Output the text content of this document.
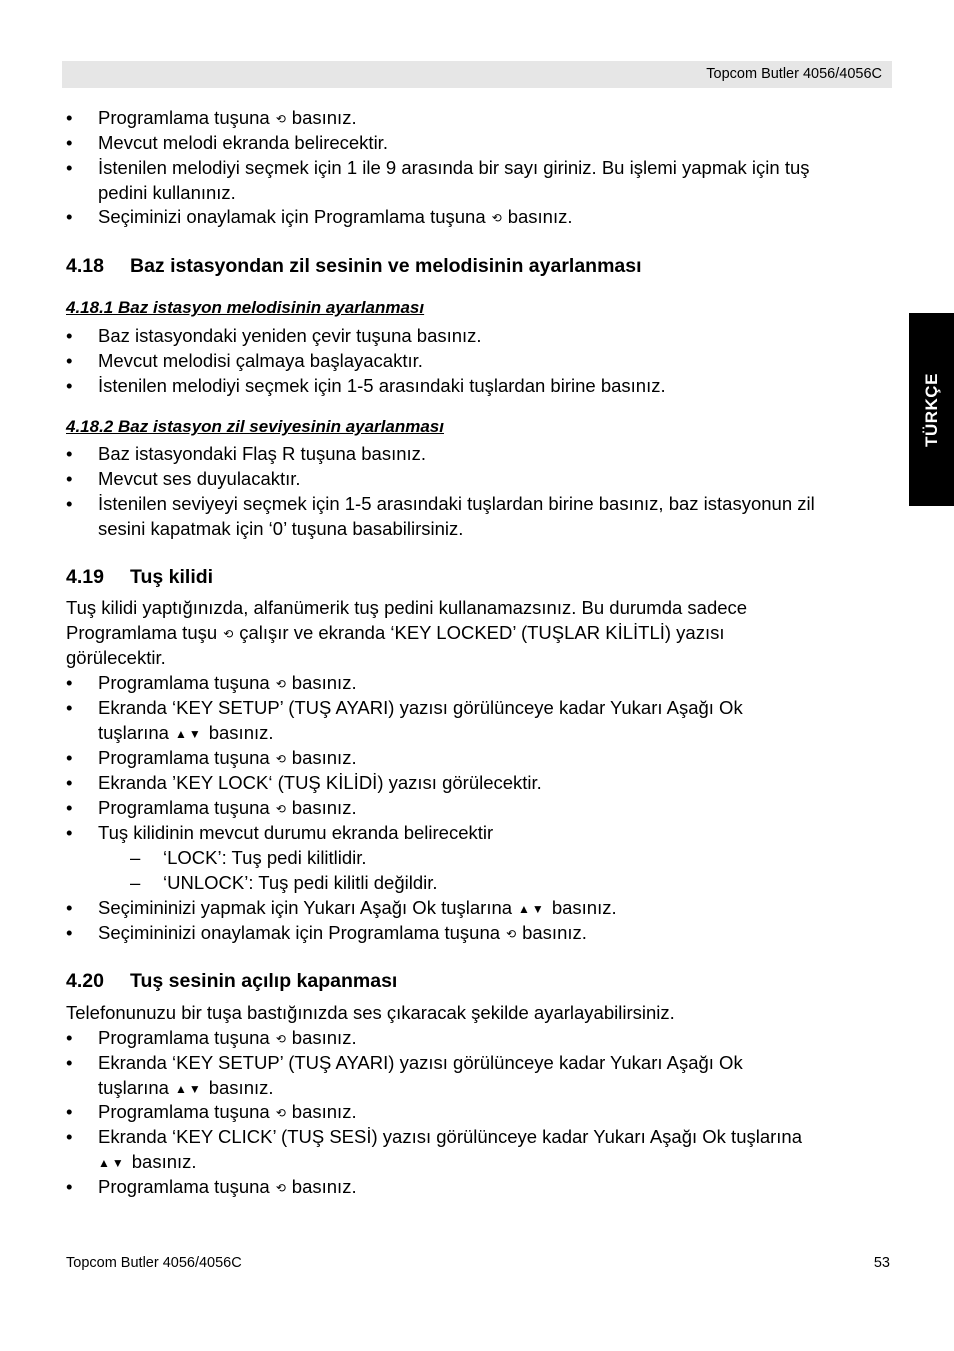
Topcom Butler 4056/4056C
TÜRKÇE
• Programlama tuşuna ⟲ basınız.
• Mevcut melodi ekranda belirecektir.
• İstenilen melodiyi seçmek için 1 ile 9 arasında bir sayı giriniz. Bu işlemi yapmak için tuş
pedini kullanınız.
• Seçiminizi onaylamak için Programlama tuşuna ⟲ basınız.
4.18 Baz istasyondan zil sesinin ve melodisinin ayarlanması
4.18.1 Baz istasyon melodisinin ayarlanması
• Baz istasyondaki yeniden çevir tuşuna basınız.
• Mevcut melodisi çalmaya başlayacaktır.
• İstenilen melodiyi seçmek için 1-5 arasındaki tuşlardan birine basınız.
4.18.2 Baz istasyon zil seviyesinin ayarlanması
• Baz istasyondaki Flaş R tuşuna basınız.
• Mevcut ses duyulacaktır.
• İstenilen seviyeyi seçmek için 1-5 arasındaki tuşlardan birine basınız, baz istasyonun zil
sesini kapatmak için ‘0’ tuşuna basabilirsiniz.
4.19 Tuş kilidi
Tuş kilidi yaptığınızda, alfanümerik tuş pedini kullanamazsınız. Bu durumda sadece
Programlama tuşu ⟲ çalışır ve ekranda ‘KEY LOCKED’ (TUŞLAR KİLİTLİ) yazısı
görülecektir.
• Programlama tuşuna ⟲ basınız.
• Ekranda ‘KEY SETUP’ (TUŞ AYARI) yazısı görülünceye kadar Yukarı Aşağı Ok
tuşlarına ▲▼ basınız.
• Programlama tuşuna ⟲ basınız.
• Ekranda ’KEY LOCK‘ (TUŞ KİLİDİ) yazısı görülecektir.
• Programlama tuşuna ⟲ basınız.
• Tuş kilidinin mevcut durumu ekranda belirecektir
– ‘LOCK’: Tuş pedi kilitlidir.
– ‘UNLOCK’: Tuş pedi kilitli değildir.
• Seçimininizi yapmak için Yukarı Aşağı Ok tuşlarına ▲▼ basınız.
• Seçimininizi onaylamak için Programlama tuşuna ⟲ basınız.
4.20 Tuş sesinin açılıp kapanması
Telefonunuzu bir tuşa bastığınızda ses çıkaracak şekilde ayarlayabilirsiniz.
• Programlama tuşuna ⟲ basınız.
• Ekranda ‘KEY SETUP’ (TUŞ AYARI) yazısı görülünceye kadar Yukarı Aşağı Ok
tuşlarına ▲▼ basınız.
• Programlama tuşuna ⟲ basınız.
• Ekranda ‘KEY CLICK’ (TUŞ SESİ) yazısı görülünceye kadar Yukarı Aşağı Ok tuşlarına
▲▼ basınız.
• Programlama tuşuna ⟲ basınız.
Topcom Butler 4056/4056C	53
